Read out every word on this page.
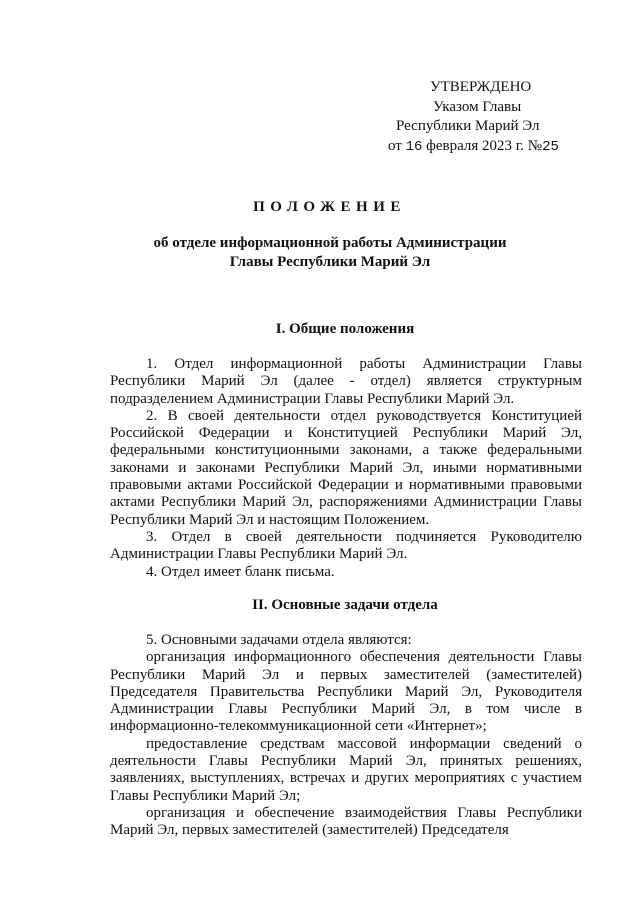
УТВЕРЖДЕНО
Указом Главы
Республики Марий Эл
от 16 февраля 2023 г. №25
ПОЛОЖЕНИЕ
об отделе информационной работы Администрации
Главы Республики Марий Эл
I. Общие положения

1. Отдел информационной работы Администрации Главы Республики Марий Эл (далее - отдел) является структурным подразделением Администрации Главы Республики Марий Эл.

2. В своей деятельности отдел руководствуется Конституцией Российской Федерации и Конституцией Республики Марий Эл, федеральными конституционными законами, а также федеральными законами и законами Республики Марий Эл, иными нормативными правовыми актами Российской Федерации и нормативными правовыми актами Республики Марий Эл, распоряжениями Администрации Главы Республики Марий Эл и настоящим Положением.

3. Отдел в своей деятельности подчиняется Руководителю Администрации Главы Республики Марий Эл.

4. Отдел имеет бланк письма.

II. Основные задачи отдела

5. Основными задачами отдела являются:

организация информационного обеспечения деятельности Главы Республики Марий Эл и первых заместителей (заместителей) Председателя Правительства Республики Марий Эл, Руководителя Администрации Главы Республики Марий Эл, в том числе в информационно-телекоммуникационной сети «Интернет»;

предоставление средствам массовой информации сведений о деятельности Главы Республики Марий Эл, принятых решениях, заявлениях, выступлениях, встречах и других мероприятиях с участием Главы Республики Марий Эл;

организация и обеспечение взаимодействия Главы Республики Марий Эл, первых заместителей (заместителей) Председателя
